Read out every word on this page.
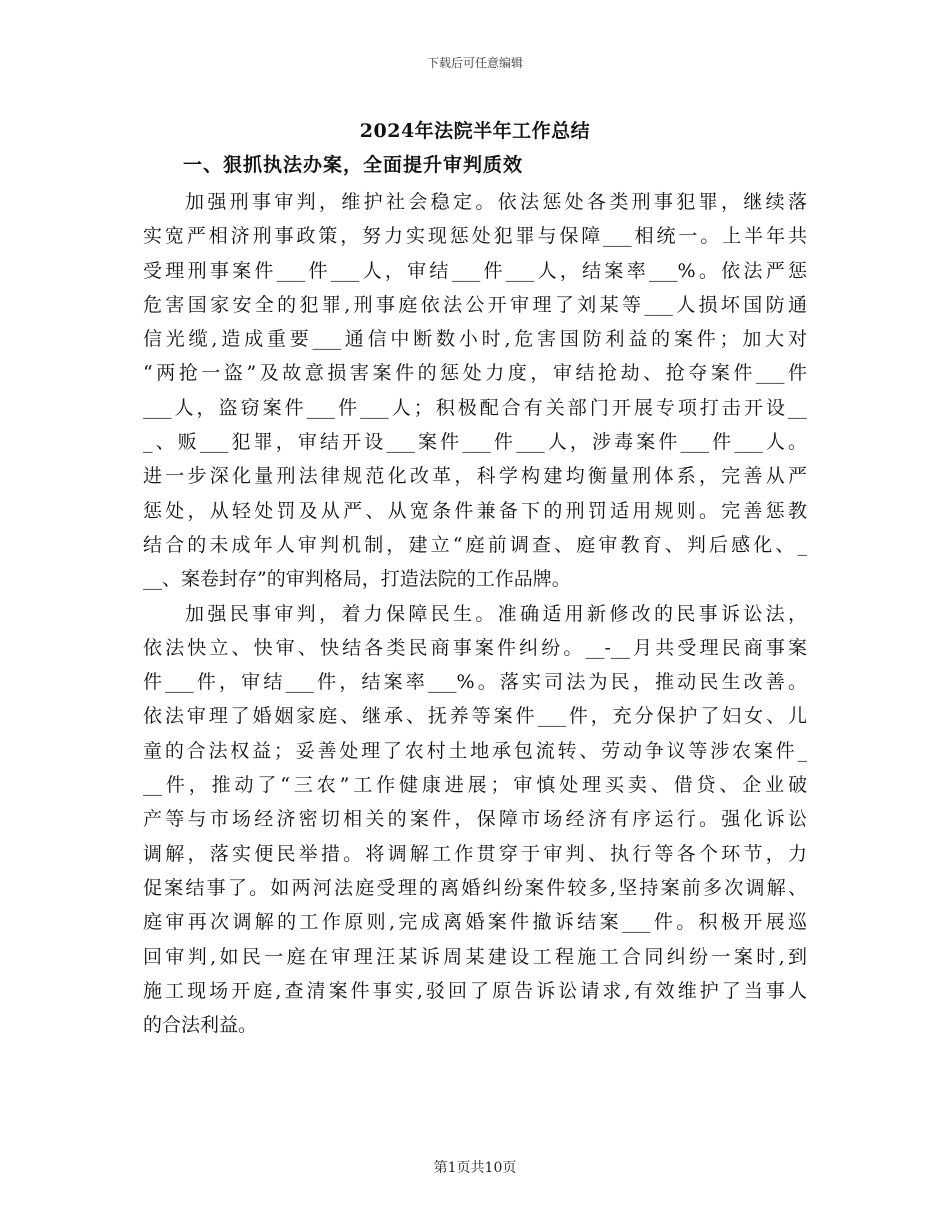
下载后可任意编辑
2024年法院半年工作总结
一、狠抓执法办案，全面提升审判质效
加强刑事审判，维护社会稳定。依法惩处各类刑事犯罪，继续落
实宽严相济刑事政策，努力实现惩处犯罪与保障___相统一。上半年共
受理刑事案件___件___人，审结___件___人，结案率___%。依法严惩
危害国家安全的犯罪,刑事庭依法公开审理了刘某等___人损坏国防通
信光缆,造成重要___通信中断数小时,危害国防利益的案件；加大对
“两抢一盗”及故意损害案件的惩处力度，审结抢劫、抢夺案件___件
___人，盗窃案件___件___人；积极配合有关部门开展专项打击开设__
_、贩___犯罪，审结开设___案件___件___人，涉毒案件___件___人。
进一步深化量刑法律规范化改革，科学构建均衡量刑体系，完善从严
惩处，从轻处罚及从严、从宽条件兼备下的刑罚适用规则。完善惩教
结合的未成年人审判机制，建立“庭前调查、庭审教育、判后感化、_
__、案卷封存”的审判格局，打造法院的工作品牌。
加强民事审判，着力保障民生。准确适用新修改的民事诉讼法，
依法快立、快审、快结各类民商事案件纠纷。__-__月共受理民商事案
件___件，审结___件，结案率___%。落实司法为民，推动民生改善。
依法审理了婚姻家庭、继承、抚养等案件___件，充分保护了妇女、儿
童的合法权益；妥善处理了农村土地承包流转、劳动争议等涉农案件_
__件，推动了“三农”工作健康进展；审慎处理买卖、借贷、企业破
产等与市场经济密切相关的案件，保障市场经济有序运行。强化诉讼
调解，落实便民举措。将调解工作贯穿于审判、执行等各个环节，力
促案结事了。如两河法庭受理的离婚纠纷案件较多,坚持案前多次调解、
庭审再次调解的工作原则,完成离婚案件撤诉结案___件。积极开展巡
回审判,如民一庭在审理汪某诉周某建设工程施工合同纠纷一案时,到
施工现场开庭,查清案件事实,驳回了原告诉讼请求,有效维护了当事人
的合法利益。
第1页共10页
